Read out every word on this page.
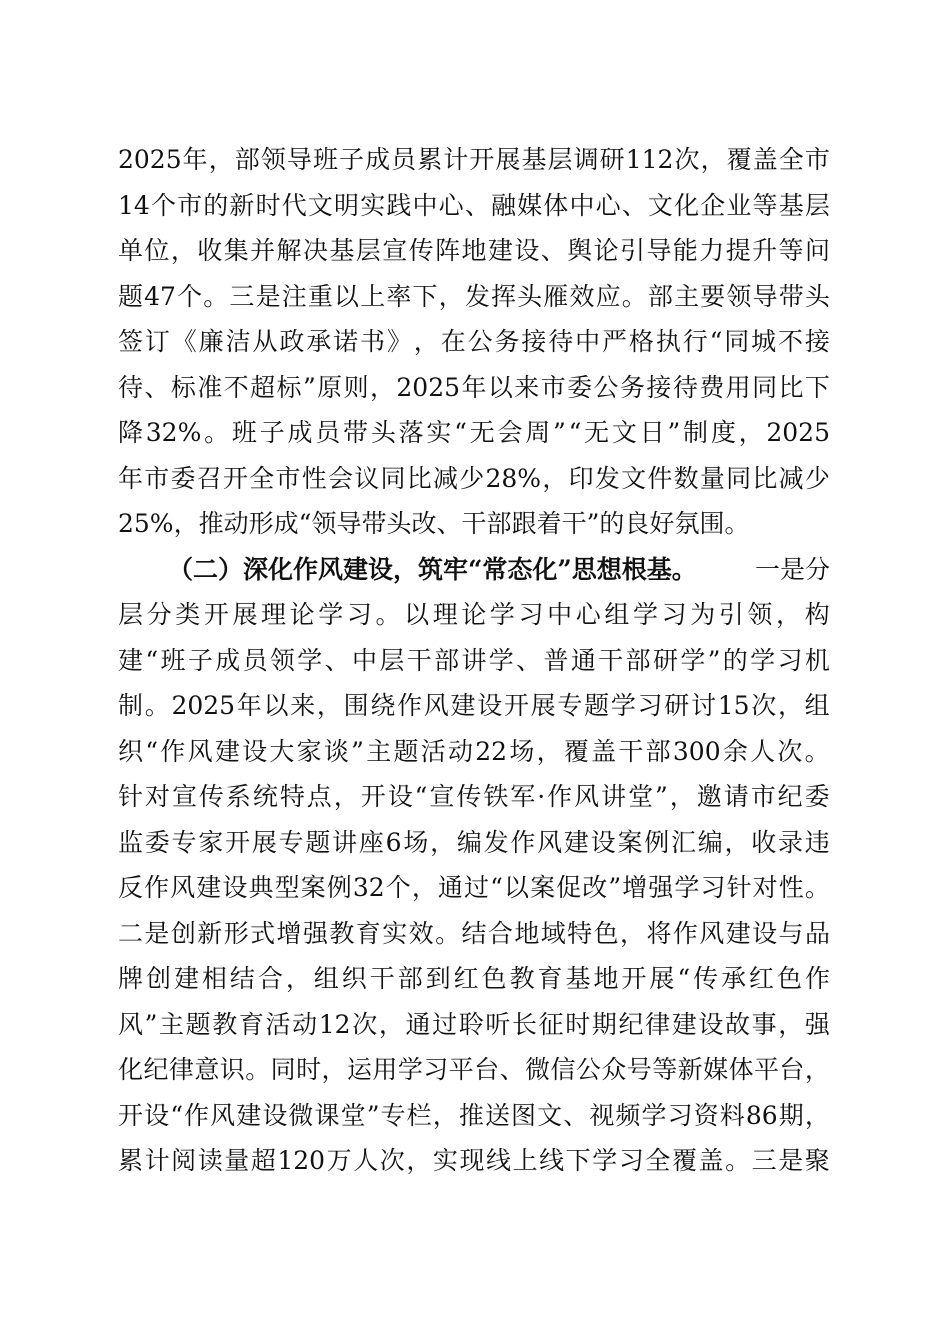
2025 年 ， 部 领 导 班 子 成 员 累 计 开 展 基 层 调 研 112 次 ， 覆 盖 全 市
14 个 市 的 新 时 代 文 明 实 践 中 心 、 融 媒 体 中 心 、 文 化 企 业 等 基 层
单 位 ， 收 集 并 解 决 基 层 宣 传 阵 地 建 设 、 舆 论 引 导 能 力 提 升 等 问
题 47 个 。 三 是 注 重 以 上 率 下 ， 发 挥 头 雁 效 应 。 部 主 要 领 导 带 头
签 订 《 廉 洁 从 政 承 诺 书 》 ， 在 公 务 接 待 中 严 格 执 行 “ 同 城 不 接
待 、 标 准 不 超 标 ” 原 则 ， 2025 年 以 来 市 委 公 务 接 待 费 用 同 比 下
降 32% 。 班 子 成 员 带 头 落 实 “ 无 会 周 ” “ 无 文 日 ” 制 度 ， 2025
年 市 委 召 开 全 市 性 会 议 同 比 减 少 28% ， 印 发 文 件 数 量 同 比 减 少
25% ， 推 动 形 成 “ 领 导 带 头 改 、 干 部 跟 着 干 ” 的 良 好 氛 围 。
（二）深化作风建设，筑牢“常态化”思想根基。 一是分
层 分 类 开 展 理 论 学 习 。 以 理 论 学 习 中 心 组 学 习 为 引 领 ， 构
建 “ 班 子 成 员 领 学 、 中 层 干 部 讲 学 、 普 通 干 部 研 学 ” 的 学 习 机
制 。 2025 年 以 来 ， 围 绕 作 风 建 设 开 展 专 题 学 习 研 讨 15 次 ， 组
织 “ 作 风 建 设 大 家 谈 ” 主 题 活 动 22 场 ， 覆 盖 干 部 300 余 人 次 。
针 对 宣 传 系 统 特 点 ， 开 设 “ 宣 传 铁 军 · 作 风 讲 堂 ” ， 邀 请 市 纪 委
监 委 专 家 开 展 专 题 讲 座 6 场 ， 编 发 作 风 建 设 案 例 汇 编 ， 收 录 违
反 作 风 建 设 典 型 案 例 32 个 ， 通 过 “ 以 案 促 改 ” 增 强 学 习 针 对 性 。
二 是 创 新 形 式 增 强 教 育 实 效 。 结 合 地 域 特 色 ， 将 作 风 建 设 与 品
牌 创 建 相 结 合 ， 组 织 干 部 到 红 色 教 育 基 地 开 展 “ 传 承 红 色 作
风 ” 主 题 教 育 活 动 12 次 ， 通 过 聆 听 长 征 时 期 纪 律 建 设 故 事 ， 强
化 纪 律 意 识 。 同 时 ， 运 用 学 习 平 台 、 微 信 公 众 号 等 新 媒 体 平 台 ，
开 设 “ 作 风 建 设 微 课 堂 ” 专 栏 ， 推 送 图 文 、 视 频 学 习 资 料 86 期 ，
累 计 阅 读 量 超 120 万 人 次 ， 实 现 线 上 线 下 学 习 全 覆 盖 。 三 是 聚
